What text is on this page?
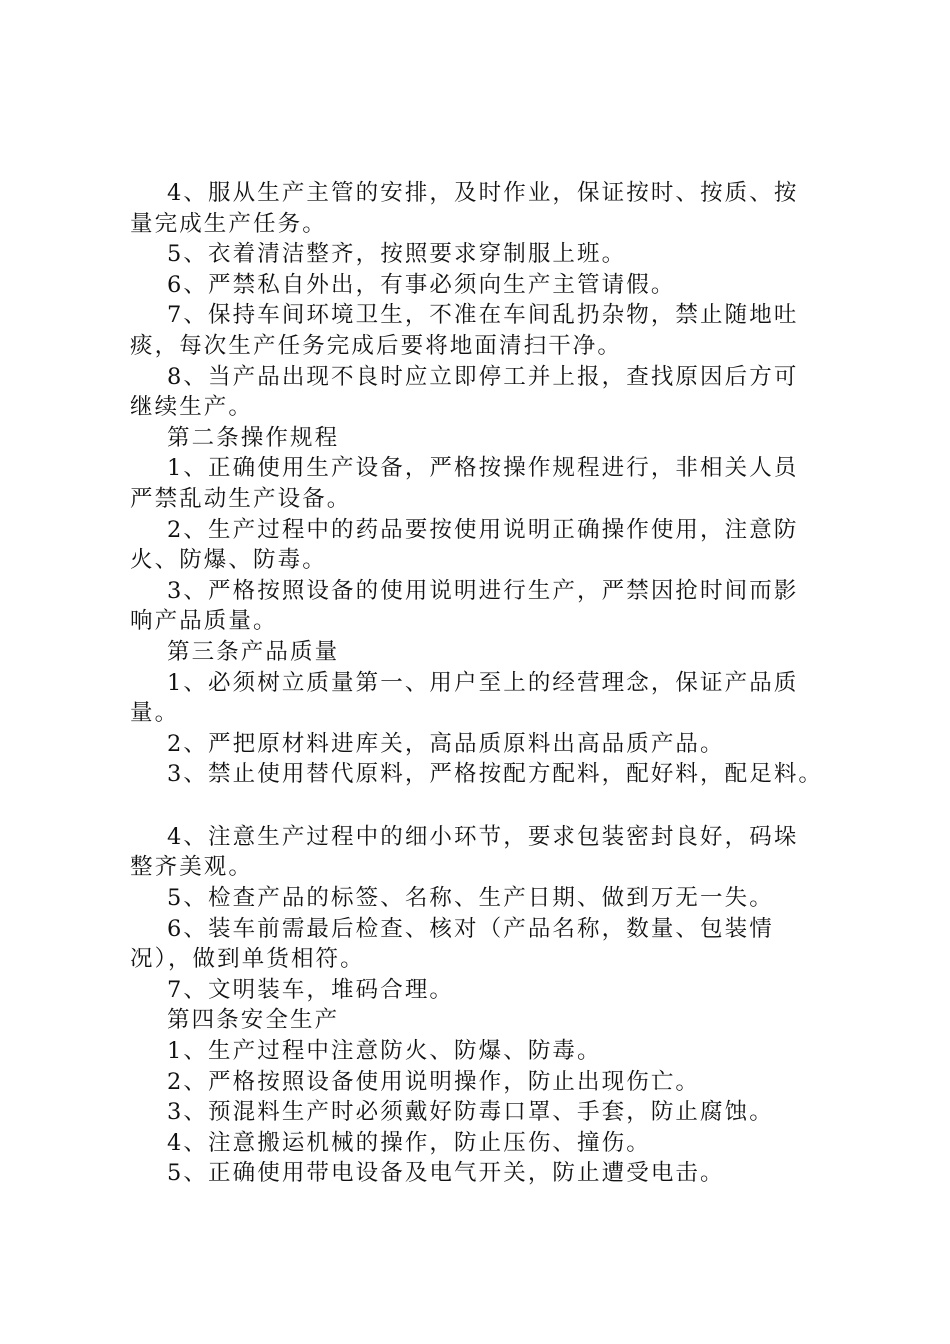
4、服从生产主管的安排，及时作业，保证按时、按质、按
量完成生产任务。
5、衣着清洁整齐，按照要求穿制服上班。
6、严禁私自外出，有事必须向生产主管请假。
7、保持车间环境卫生，不准在车间乱扔杂物，禁止随地吐
痰，每次生产任务完成后要将地面清扫干净。
8、当产品出现不良时应立即停工并上报，查找原因后方可
继续生产。
第二条操作规程
1、正确使用生产设备，严格按操作规程进行，非相关人员
严禁乱动生产设备。
2、生产过程中的药品要按使用说明正确操作使用，注意防
火、防爆、防毒。
3、严格按照设备的使用说明进行生产，严禁因抢时间而影
响产品质量。
第三条产品质量
1、必须树立质量第一、用户至上的经营理念，保证产品质
量。
2、严把原材料进库关，高品质原料出高品质产品。
3、禁止使用替代原料，严格按配方配料，配好料，配足料。
4、注意生产过程中的细小环节，要求包装密封良好，码垛
整齐美观。
5、检查产品的标签、名称、生产日期、做到万无一失。
6、装车前需最后检查、核对（产品名称，数量、包装情
况），做到单货相符。
7、文明装车，堆码合理。
第四条安全生产
1、生产过程中注意防火、防爆、防毒。
2、严格按照设备使用说明操作，防止出现伤亡。
3、预混料生产时必须戴好防毒口罩、手套，防止腐蚀。
4、注意搬运机械的操作，防止压伤、撞伤。
5、正确使用带电设备及电气开关，防止遭受电击。
